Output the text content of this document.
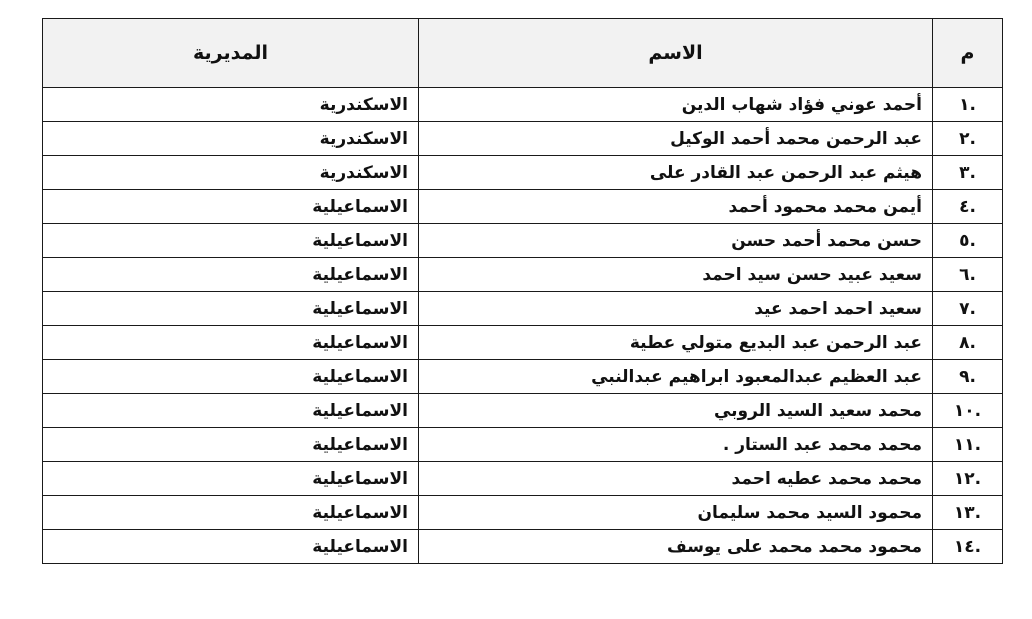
م	الاسم	المديرية
.١	أحمد عوني فؤاد شهاب الدين	الاسكندرية
.٢	عبد الرحمن محمد أحمد الوكيل	الاسكندرية
.٣	هيثم عبد الرحمن عبد القادر على	الاسكندرية
.٤	أيمن محمد محمود أحمد	الاسماعيلية
.٥	حسن محمد أحمد حسن	الاسماعيلية
.٦	سعيد عبيد حسن سيد احمد	الاسماعيلية
.٧	سعيد احمد احمد عيد	الاسماعيلية
.٨	عبد الرحمن عبد البديع متولي عطية	الاسماعيلية
.٩	عبد العظيم عبدالمعبود ابراهيم عبدالنبي	الاسماعيلية
.١٠	محمد سعيد السيد الروبي	الاسماعيلية
.١١	محمد محمد عبد الستار .	الاسماعيلية
.١٢	محمد محمد عطيه احمد	الاسماعيلية
.١٣	محمود السيد محمد سليمان	الاسماعيلية
.١٤	محمود محمد محمد على يوسف	الاسماعيلية
